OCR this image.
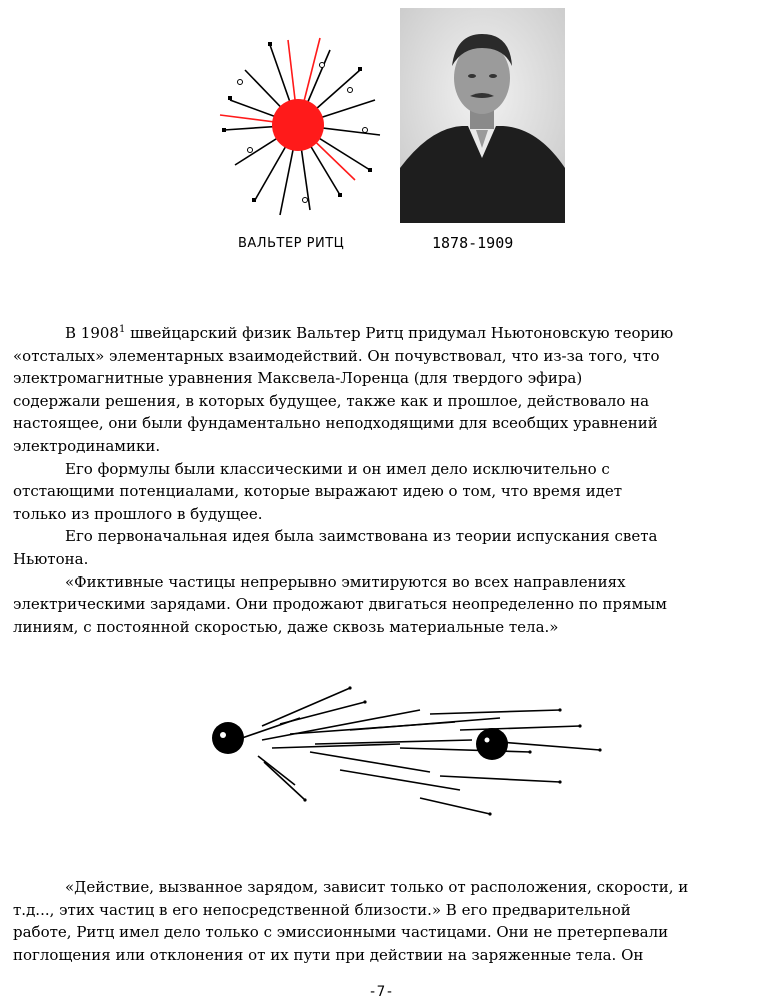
ВАЛЬТЕР РИТЦ	1878-1909
В 1908$^1$ швейцарский физик Вальтер Ритц придумал Ньютоновскую теорию
«отсталых» элементарных взаимодействий. Он почувствовал, что из-за того, что
электромагнитные уравнения Максвела-Лоренца (для твердого эфира)
содержали решения, в которых будущее, также как и прошлое, действовало на
настоящее, они были фундаментально неподходящими для всеобщих уравнений
электродинамики.
Его формулы были классическими и он имел дело исключительно с
отстающими потенциалами, которые выражают идею о том, что время идет
только из прошлого в будущее.
Его первоначальная идея была заимствована из теории испускания света
Ньютона.
«Фиктивные частицы непрерывно эмитируются во всех направлениях
электрическими зарядами. Они продожают двигаться неопределенно по прямым
линиям, с постоянной скоростью, даже сквозь материальные тела.»
«Действие, вызванное зарядом, зависит только от расположения, скорости, и
т.д..., этих частиц в его непосредственной близости.» В его предварительной
работе, Ритц имел дело только с эмиссионными частицами. Они не претерпевали
поглощения или отклонения от их пути при действии на заряженные тела. Он
-7-
